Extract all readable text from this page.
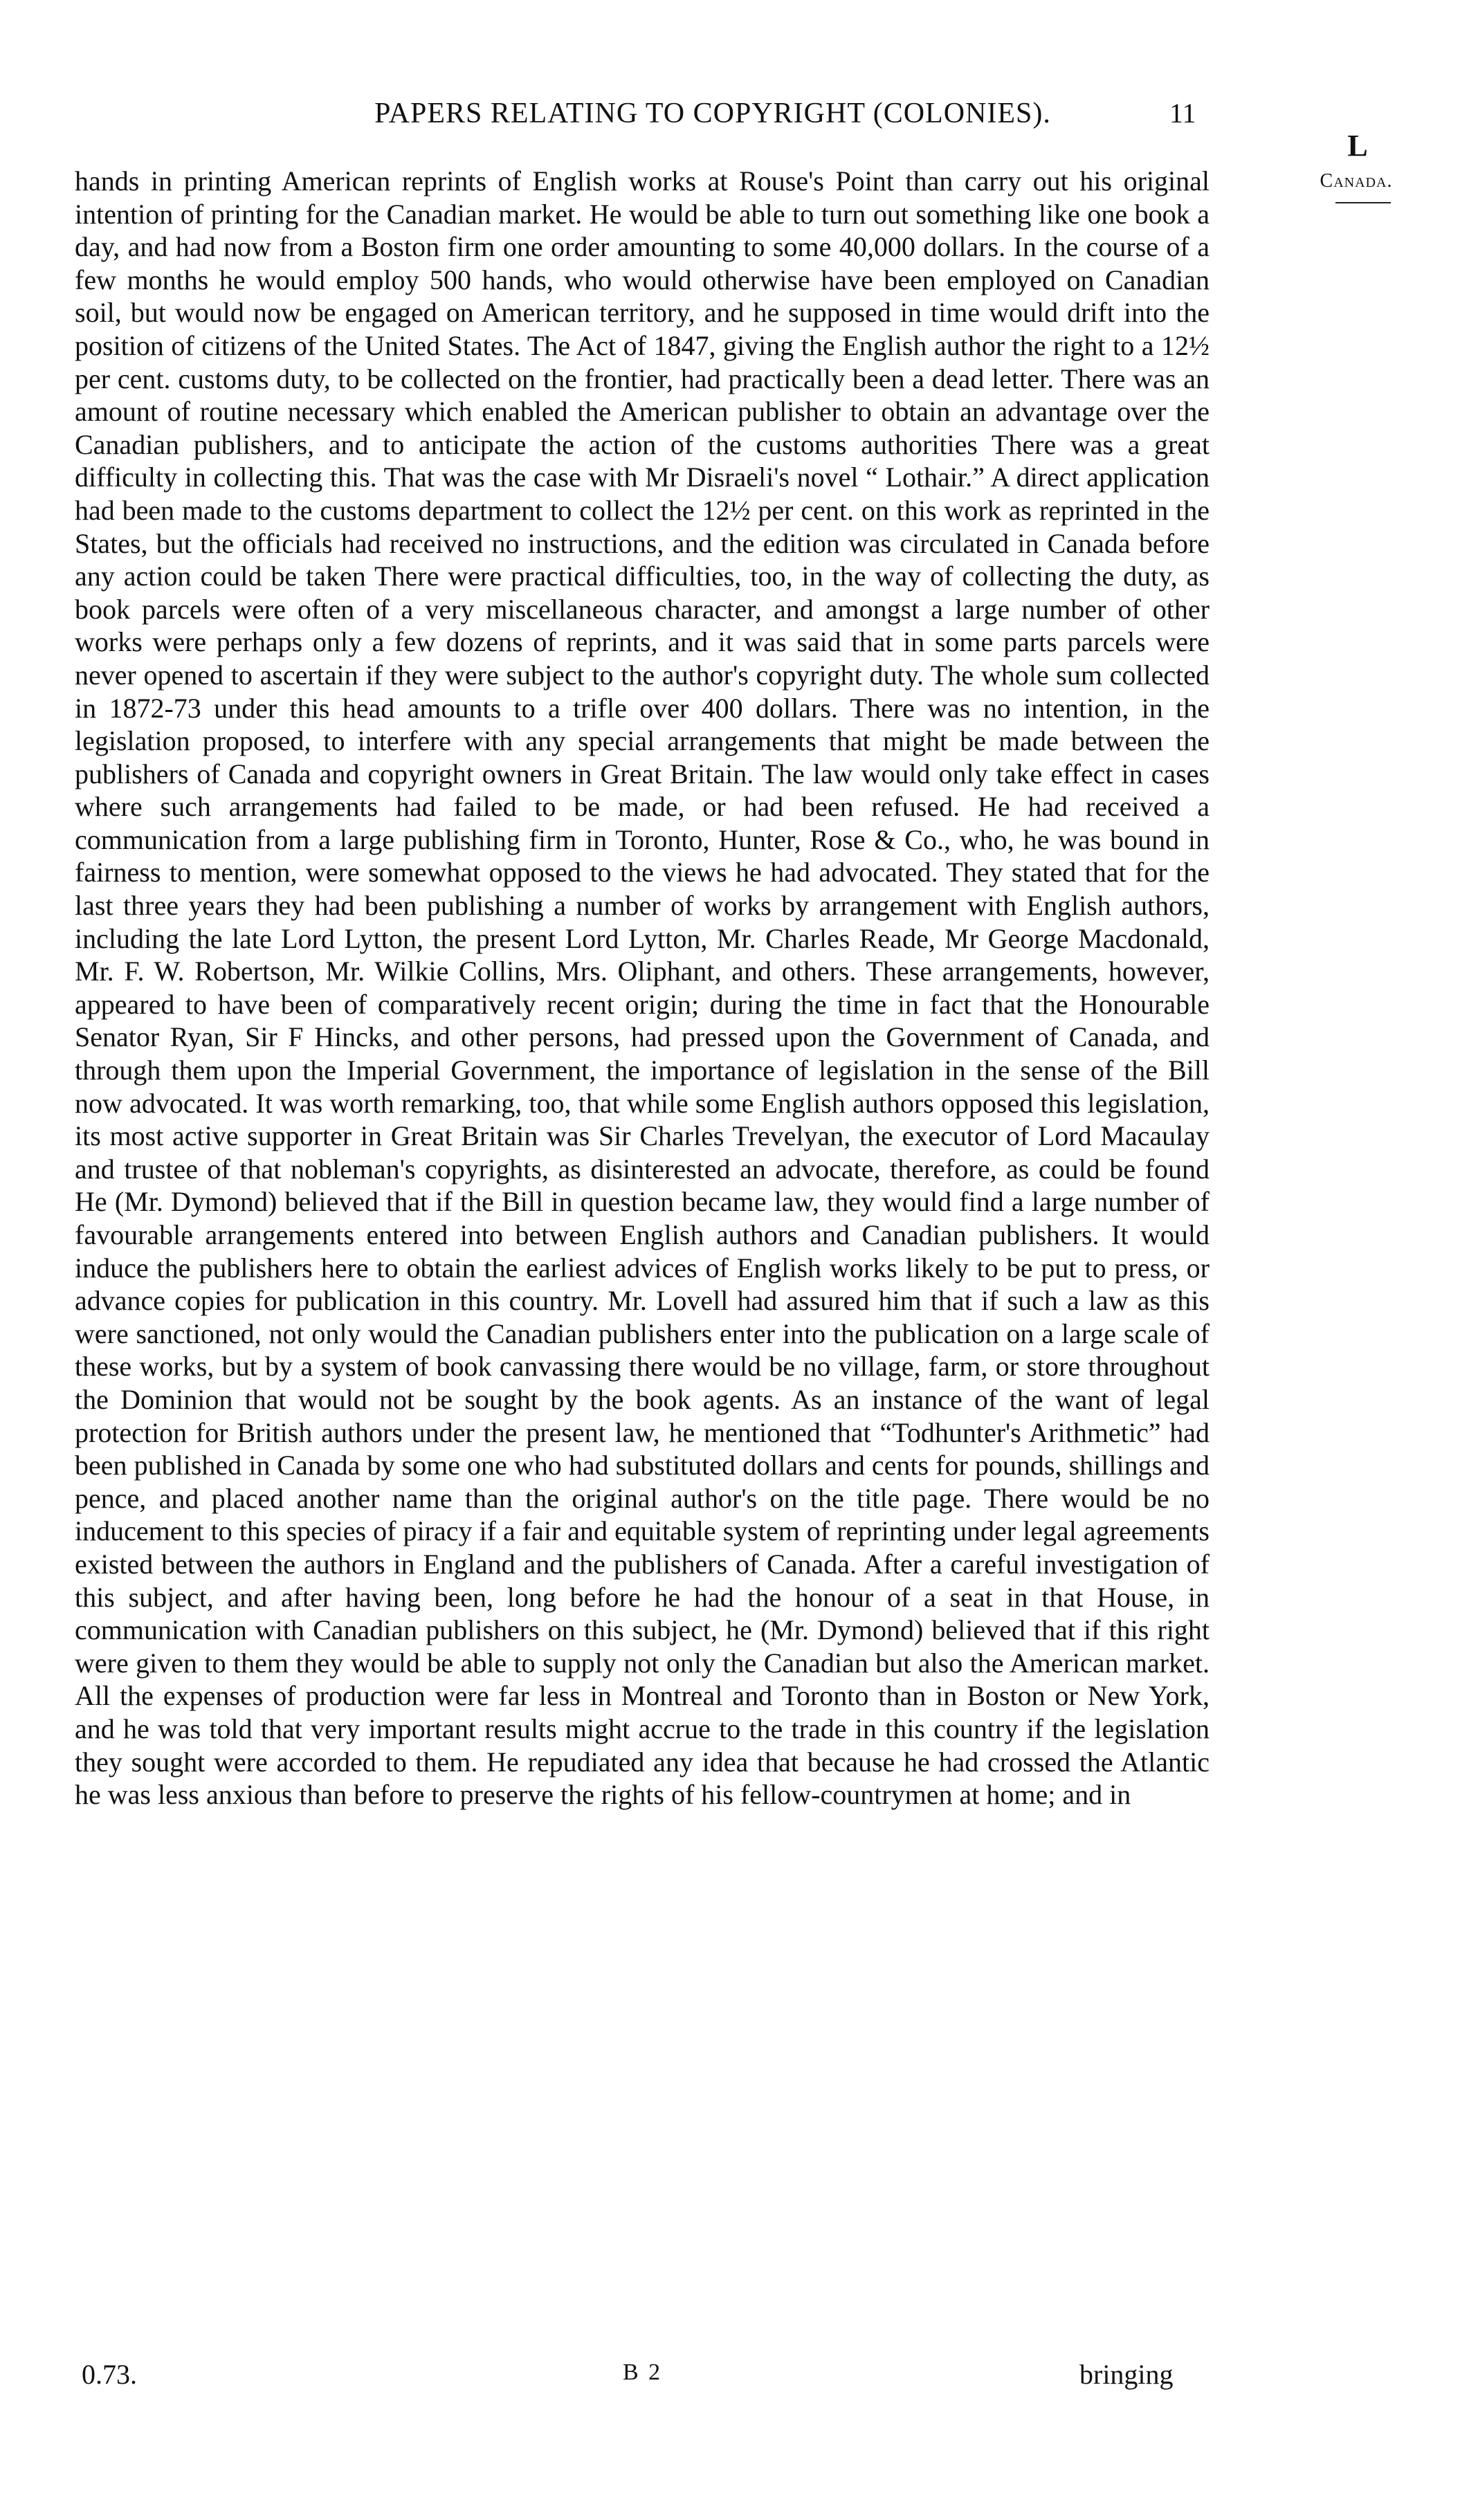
PAPERS RELATING TO COPYRIGHT (COLONIES).	11
L
Canada.

hands in printing American reprints of English works at Rouse's Point than carry out his original intention of printing for the Canadian market. He would be able to turn out something like one book a day, and had now from a Boston firm one order amounting to some 40,000 dollars. In the course of a few months he would employ 500 hands, who would otherwise have been employed on Canadian soil, but would now be engaged on American territory, and he supposed in time would drift into the position of citizens of the United States. The Act of 1847, giving the English author the right to a 12½ per cent. customs duty, to be collected on the frontier, had practically been a dead letter. There was an amount of routine necessary which enabled the American publisher to obtain an advantage over the Canadian publishers, and to anticipate the action of the customs authorities There was a great difficulty in collecting this. That was the case with Mr Disraeli's novel “ Lothair.” A direct application had been made to the customs department to collect the 12½ per cent. on this work as reprinted in the States, but the officials had received no instructions, and the edition was circulated in Canada before any action could be taken There were practical difficulties, too, in the way of collecting the duty, as book parcels were often of a very miscellaneous character, and amongst a large number of other works were perhaps only a few dozens of reprints, and it was said that in some parts parcels were never opened to ascertain if they were subject to the author's copyright duty. The whole sum collected in 1872-73 under this head amounts to a trifle over 400 dollars. There was no intention, in the legislation proposed, to interfere with any special arrangements that might be made between the publishers of Canada and copyright owners in Great Britain. The law would only take effect in cases where such arrangements had failed to be made, or had been refused. He had received a communication from a large publishing firm in Toronto, Hunter, Rose & Co., who, he was bound in fairness to mention, were somewhat opposed to the views he had advocated. They stated that for the last three years they had been publishing a number of works by arrangement with English authors, including the late Lord Lytton, the present Lord Lytton, Mr. Charles Reade, Mr George Macdonald, Mr. F. W. Robertson, Mr. Wilkie Collins, Mrs. Oliphant, and others. These arrangements, however, appeared to have been of comparatively recent origin; during the time in fact that the Honourable Senator Ryan, Sir F Hincks, and other persons, had pressed upon the Government of Canada, and through them upon the Imperial Government, the importance of legislation in the sense of the Bill now advocated. It was worth remarking, too, that while some English authors opposed this legislation, its most active supporter in Great Britain was Sir Charles Trevelyan, the executor of Lord Macaulay and trustee of that nobleman's copyrights, as disinterested an advocate, therefore, as could be found He (Mr. Dymond) believed that if the Bill in question became law, they would find a large number of favourable arrangements entered into between English authors and Canadian publishers. It would induce the publishers here to obtain the earliest advices of English works likely to be put to press, or advance copies for publication in this country. Mr. Lovell had assured him that if such a law as this were sanctioned, not only would the Canadian publishers enter into the publication on a large scale of these works, but by a system of book canvassing there would be no village, farm, or store throughout the Dominion that would not be sought by the book agents. As an instance of the want of legal protection for British authors under the present law, he mentioned that “Todhunter's Arithmetic” had been published in Canada by some one who had substituted dollars and cents for pounds, shillings and pence, and placed another name than the original author's on the title page. There would be no inducement to this species of piracy if a fair and equitable system of reprinting under legal agreements existed between the authors in England and the publishers of Canada. After a careful investigation of this subject, and after having been, long before he had the honour of a seat in that House, in communication with Canadian publishers on this subject, he (Mr. Dymond) believed that if this right were given to them they would be able to supply not only the Canadian but also the American market. All the expenses of production were far less in Montreal and Toronto than in Boston or New York, and he was told that very important results might accrue to the trade in this country if the legislation they sought were accorded to them. He repudiated any idea that because he had crossed the Atlantic he was less anxious than before to preserve the rights of his fellow-countrymen at home; and in

0.73.	B 2	bringing
